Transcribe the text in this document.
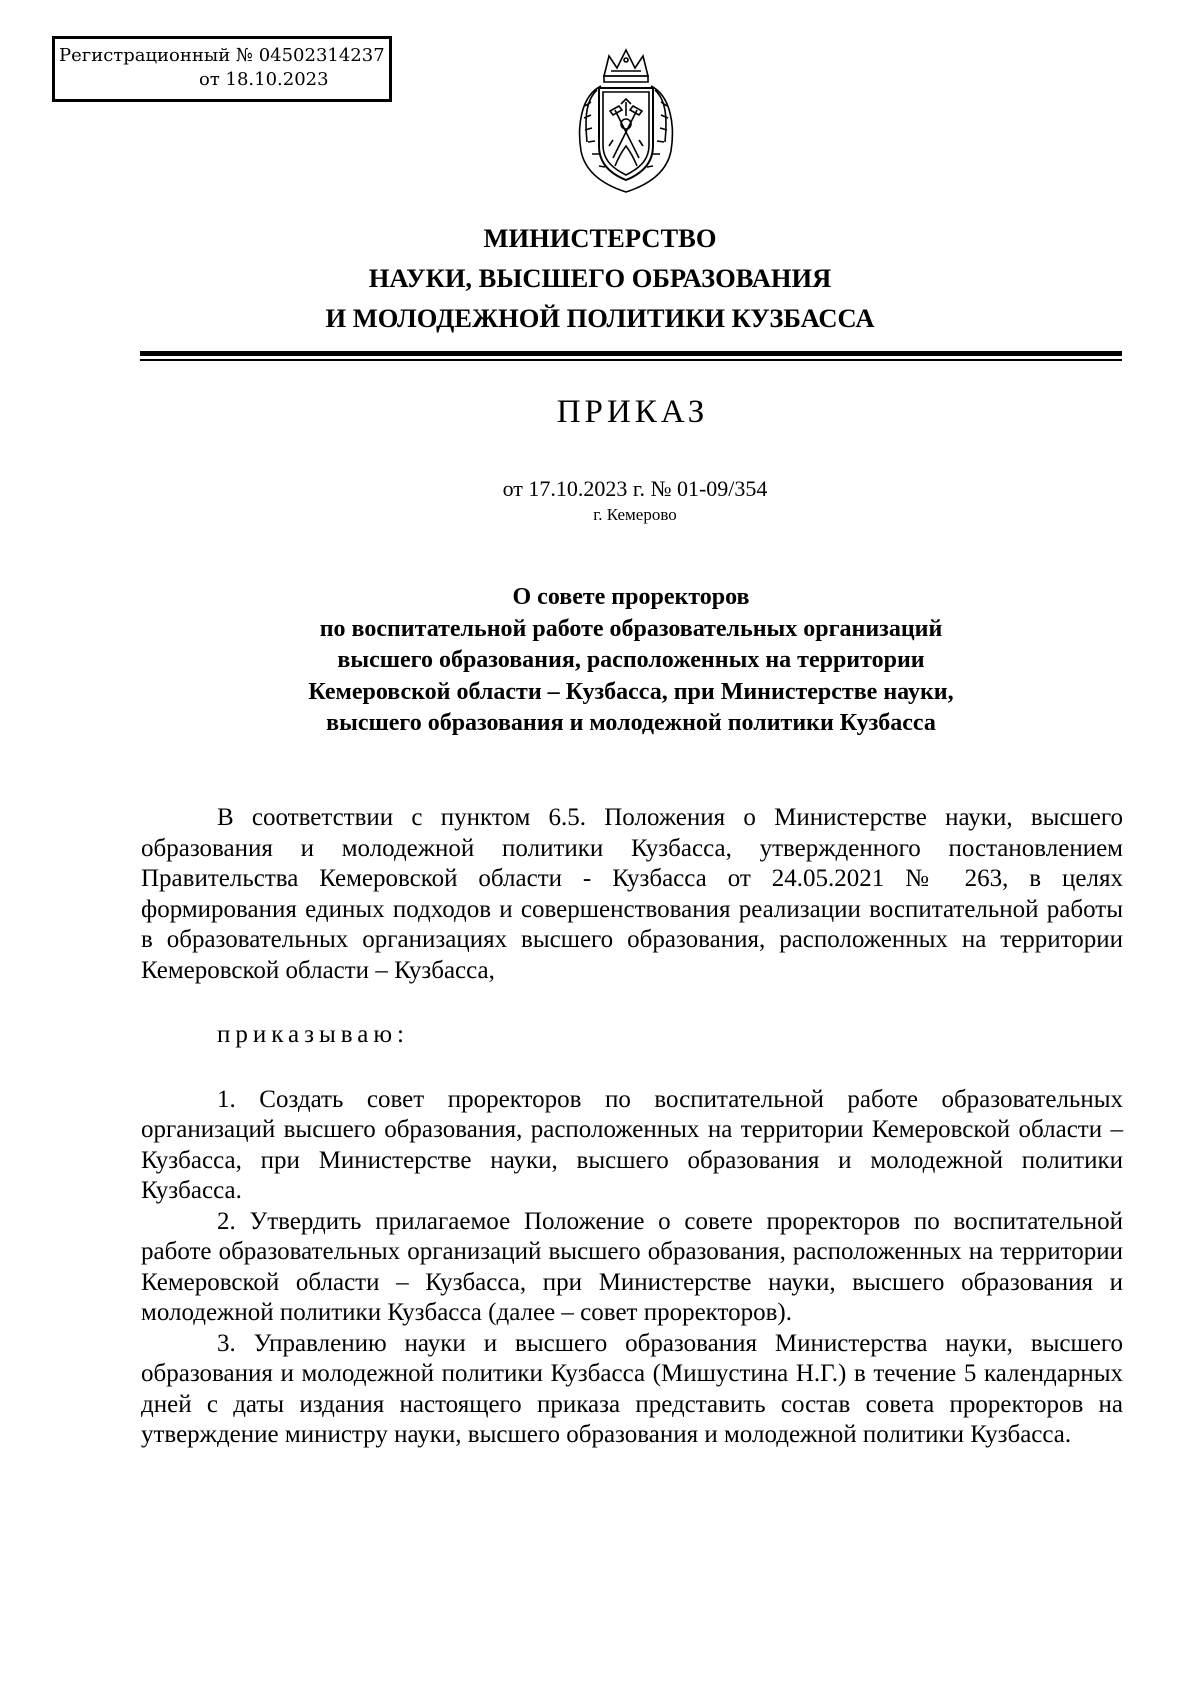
Регистрационный № 04502314237
от 18.10.2023
МИНИСТЕРСТВО
НАУКИ, ВЫСШЕГО ОБРАЗОВАНИЯ
И МОЛОДЕЖНОЙ ПОЛИТИКИ КУЗБАССА
ПРИКАЗ
от 17.10.2023 г. № 01-09/354
г. Кемерово
О совете проректоров
по воспитательной работе образовательных организаций
высшего образования, расположенных на территории
Кемеровской области – Кузбасса, при Министерстве науки,
высшего образования и молодежной политики Кузбасса

В соответствии с пунктом 6.5. Положения о Министерстве науки, высшего образования и молодежной политики Кузбасса, утвержденного постановлением Правительства Кемеровской области - Кузбасса от 24.05.2021 № 263, в целях формирования единых подходов и совершенствования реализации воспитательной работы в образовательных организациях высшего образования, расположенных на территории Кемеровской области – Кузбасса,

приказываю:

1. Создать совет проректоров по воспитательной работе образовательных организаций высшего образования, расположенных на территории Кемеровской области – Кузбасса, при Министерстве науки, высшего образования и молодежной политики Кузбасса.

2. Утвердить прилагаемое Положение о совете проректоров по воспитательной работе образовательных организаций высшего образования, расположенных на территории Кемеровской области – Кузбасса, при Министерстве науки, высшего образования и молодежной политики Кузбасса (далее – совет проректоров).

3. Управлению науки и высшего образования Министерства науки, высшего образования и молодежной политики Кузбасса (Мишустина Н.Г.) в течение 5 календарных дней с даты издания настоящего приказа представить состав совета проректоров на утверждение министру науки, высшего образования и молодежной политики Кузбасса.
